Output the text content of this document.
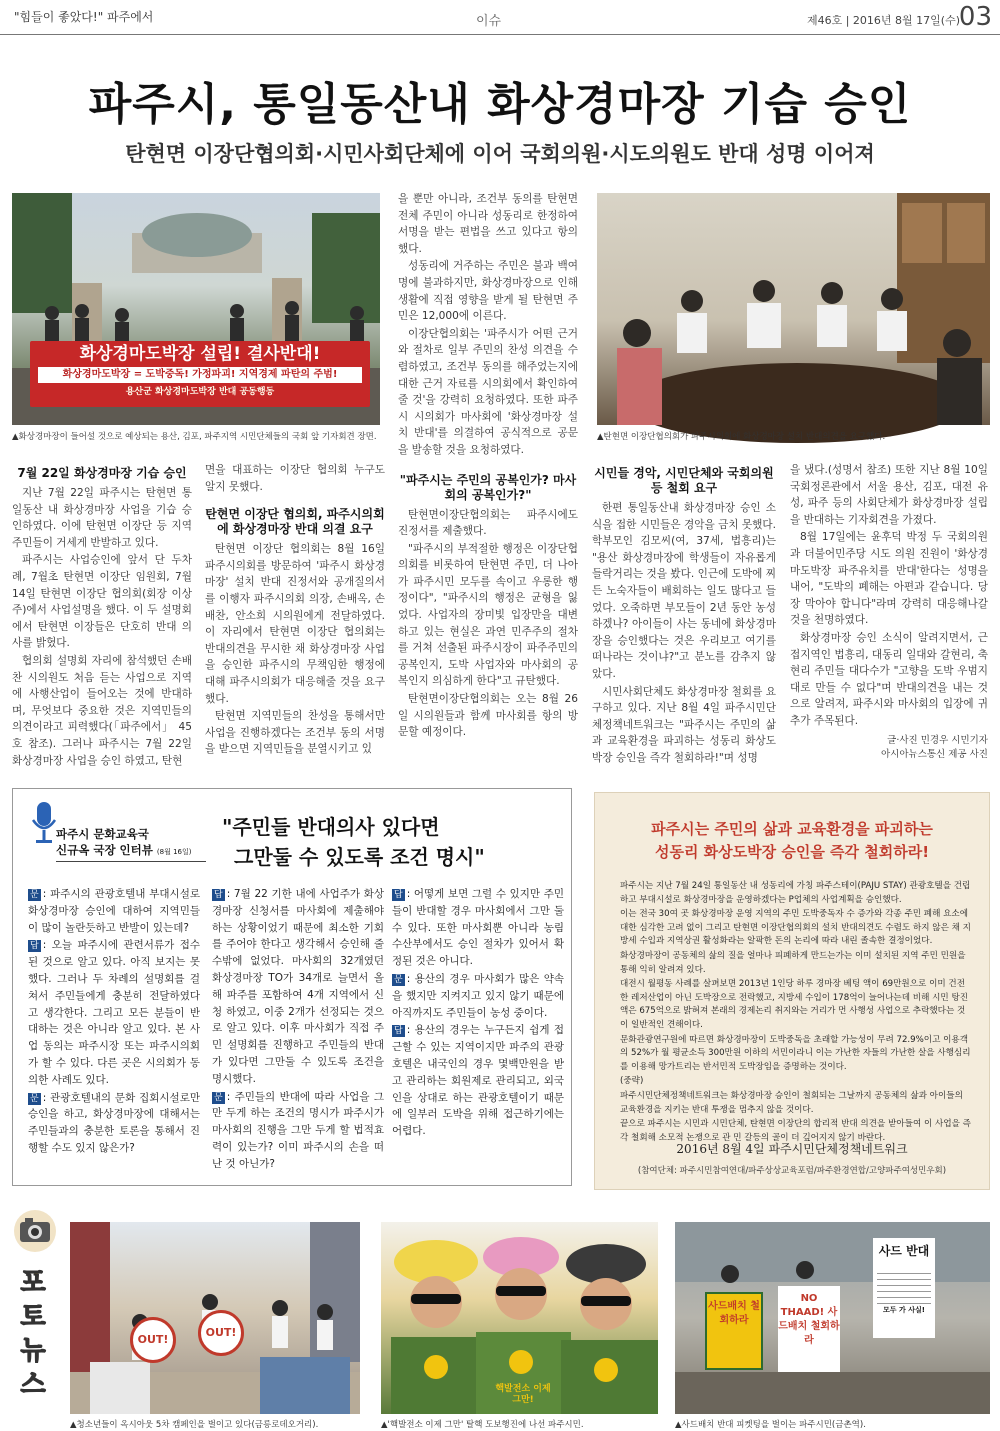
"힘들이 좋았다!" 파주에서	이슈	제46호 | 2016년 8월 17일(수)
03
파주시, 통일동산내 화상경마장 기습 승인
탄현면 이장단협의회·시민사회단체에 이어 국회의원·시도의원도 반대 성명 이어져
화상경마도박장 설립! 결사반대!
화상경마도박장 = 도박중독! 가정파괴! 지역경제 파탄의 주범!
용산군 화상경마도박장 반대 공동행동
▲화상경마장이 들어설 것으로 예상되는 용산, 김포, 파주지역 시민단체들의 국회 앞 기자회견 장면.	▲탄현면 이장단협의회가 파주시의회에 화상경마장 설치 반대의견을 요구했다.
7월 22일 화상경마장 기습 승인

지난 7월 22일 파주시는 탄현면 통일동산 내 화상경마장 사업을 기습 승인하였다. 이에 탄현면 이장단 등 지역주민들이 거세게 반발하고 있다.

파주시는 사업승인에 앞서 단 두차례, 7월초 탄현면 이장단 임원회, 7월 14일 탄현면 이장단 협의회(회장 이상주)에서 사업설명을 했다. 이 두 설명회에서 탄현면 이장들은 단호히 반대 의사를 밝혔다.

협의회 설명회 자리에 참석했던 손배찬 시의원도 처음 듣는 사업으로 지역에 사행산업이 들어오는 것에 반대하며, 무엇보다 중요한 것은 지역민들의 의견이라고 피력했다(「파주에서」 45호 참조). 그러나 파주시는 7월 22일 화상경마장 사업을 승인 하였고, 탄현

면을 대표하는 이장단 협의회 누구도 알지 못했다.

탄현면 이장단 협의회, 파주시의회에 화상경마장 반대 의결 요구

탄현면 이장단 협의회는 8월 16일 파주시의회를 방문하여 '파주시 화상경마장' 설치 반대 진정서와 공개질의서를 이행자 파주시의회 의장, 손배옥, 손배찬, 안소희 시의원에게 전달하였다. 이 자리에서 탄현면 이장단 협의회는 반대의견을 무시한 채 화상경마장 사업을 승인한 파주시의 무책임한 행정에 대해 파주시의회가 대응해줄 것을 요구했다.

탄현면 지역민들의 찬성을 통해서만 사업을 진행하겠다는 조건부 동의 서명을 받으면 지역민들을 분열시키고 있

을 뿐만 아니라, 조건부 동의를 탄현면 전체 주민이 아니라 성동리로 한정하여 서명을 받는 편법을 쓰고 있다고 항의했다.

성동리에 거주하는 주민은 불과 백여명에 불과하지만, 화상경마장으로 인해 생활에 직접 영향을 받게 될 탄현면 주민은 12,000에 이른다.

이장단협의회는 '파주시가 어떤 근거와 절차로 일부 주민의 찬성 의견을 수렴하였고, 조건부 동의를 해주었는지에 대한 근거 자료를 시의회에서 확인하여 줄 것'을 강력히 요청하였다. 또한 파주시 시의회가 마사회에 '화상경마장 설치 반대'를 의결하여 공식적으로 공문을 발송할 것을 요청하였다.

"파주시는 주민의 공복인가? 마사회의 공복인가?"

탄현면이장단협의회는 파주시에도 진정서를 제출했다.

"파주시의 부적절한 행정은 이장단협의회를 비롯하여 탄현면 주민, 더 나아가 파주시민 모두를 속이고 우롱한 행정이다", "파주시의 행정은 균형을 잃었다. 사업자의 장미빛 입장만을 대변하고 있는 현실은 과연 민주주의 절차를 거쳐 선출된 파주시장이 파주주민의 공복인지, 도박 사업자와 마사회의 공복인지 의심하게 한다"고 규탄했다.

탄현면이장단협의회는 오는 8월 26일 시의원들과 함께 마사회를 항의 방문할 예정이다.

시민들 경악, 시민단체와 국회의원 등 철회 요구

한편 통일동산내 화상경마장 승인 소식을 접한 시민들은 경악을 금치 못했다. 학부모인 김모씨(여, 37세, 법흥리)는 "용산 화상경마장에 학생들이 자유롭게 들락거리는 것을 봤다. 인근에 도박에 찌든 노숙자들이 배회하는 일도 많다고 들었다. 오죽하면 부모들이 2년 동안 농성하겠나? 아이들이 사는 동네에 화상경마장을 승인했다는 것은 우리보고 여기를 떠나라는 것이냐?"고 분노를 감추지 않았다.

시민사회단체도 화상경마장 철회를 요구하고 있다. 지난 8월 4일 파주시민단체정책네트워크는 "파주시는 주민의 삶과 교육환경을 파괴하는 성동리 화상도박장 승인을 즉각 철회하라!"며 성명

을 냈다.(성명서 참조) 또한 지난 8월 10일 국회정론관에서 서울 용산, 김포, 대전 유성, 파주 등의 사회단체가 화상경마장 설립을 반대하는 기자회견을 가졌다.

8월 17일에는 윤후덕 박정 두 국회의원과 더불어민주당 시도 의원 진원이 '화상경마도박장 파주유치를 반대'한다는 성명을 내어, "도박의 폐해는 아편과 같습니다. 당장 막아야 합니다"라며 강력히 대응해나갈 것을 천명하였다.

화상경마장 승인 소식이 알려지면서, 근접지역인 법흥리, 대동리 일대와 갈현리, 축현리 주민들 대다수가 "고향을 도박 우범지대로 만들 수 없다"며 반대의견을 내는 것으로 알려져, 파주시와 마사회의 입장에 귀추가 주목된다.

글·사진 민경우 시민기자
아시아뉴스통신 제공 사진
파주시 문화교육국
신규옥 국장 인터뷰 (8월 16일)
"주민들 반대의사 있다면
그만둘 수 있도록 조건 명시"

문 : 파주시의 관광호텔내 부대시설로 화상경마장 승인에 대하여 지역민들이 많이 놀란듯하고 반발이 있는데?

답 : 오늘 파주시에 관련서류가 접수된 것으로 알고 있다. 아직 보지는 못했다. 그러나 두 차례의 설명회를 걸쳐서 주민들에게 충분히 전달하였다고 생각한다. 그리고 모든 분들이 반대하는 것은 아니라 알고 있다. 본 사업 동의는 파주시장 또는 파주시의회가 할 수 있다. 다른 곳은 시의회가 동의한 사례도 있다.

문 : 관광호텔내의 문화 집회시설로만 승인을 하고, 화상경마장에 대해서는 주민들과의 충분한 토론을 통해서 진행할 수도 있지 않은가?

답 : 7월 22 기한 내에 사업주가 화상 경마장 신청서를 마사회에 제출해야 하는 상황이었기 때문에 최소한 기회를 주어야 한다고 생각해서 승인해 줄 수밖에 없었다. 마사회의 32개였던 화상경마장 TO가 34개로 늘면서 올해 파주를 포함하여 4개 지역에서 신청 하였고, 이중 2개가 선정되는 것으로 알고 있다. 이후 마사회가 직접 주민 설명회를 진행하고 주민들의 반대가 있다면 그만둘 수 있도록 조건을 명시했다.

문 : 주민들의 반대에 따라 사업을 그만 두게 하는 조건의 명시가 파주시가 마사회의 진행을 그만 두게 할 법적효력이 있는가? 이미 파주시의 손을 떠난 것 아닌가?

답 : 어떻게 보면 그럴 수 있지만 주민들이 반대할 경우 마사회에서 그만 둘 수 있다. 또한 마사회뿐 아니라 농림수산부에서도 승인 절차가 있어서 확정된 것은 아니다.

문 : 용산의 경우 마사회가 많은 약속을 했지만 지켜지고 있지 않기 때문에 아직까지도 주민들이 농성 중이다.

답 : 용산의 경우는 누구든지 쉽게 접근할 수 있는 지역이지만 파주의 관광호텔은 내국인의 경우 몇백만원을 받고 관리하는 회원제로 관리되고, 외국인을 상대로 하는 관광호텔이기 때문에 일부러 도박을 위해 접근하기에는 어렵다.

파주시는 주민의 삶과 교육환경을 파괴하는
성동리 화상도박장 승인을 즉각 철회하라!

파주시는 지난 7월 24일 통일동산 내 성동리에 가칭 파주스테이(PAJU STAY) 관광호텔을 건립하고 부대시설로 화상경마장을 운영하겠다는 P업체의 사업계획을 승인했다.

이는 전국 30여 곳 화상경마장 운영 지역의 주민 도박중독자 수 증가와 각종 주민 폐해 요소에 대한 심각한 고려 없이 그리고 탄현면 이장단협의회의 설치 반대의견도 수렴도 하지 않은 채 지방세 수입과 지역상권 활성화라는 알팍한 돈의 논리에 따라 내린 졸속한 결정이었다.

화상경마장이 공동체의 삶의 질을 얼마나 피폐하게 만드는가는 이미 설치된 지역 주민 민원을 통해 익히 알려져 있다.

대전시 월평동 사례를 살펴보면 2013년 1인당 하루 경마장 베팅 액이 69만원으로 이미 건전한 레저산업이 아닌 도박장으로 전락했고, 지방세 수입이 178억이 늘어나는데 비해 시민 탕진액은 675억으로 밝혀져 본래의 경제논리 취지와는 거리가 먼 사행성 사업으로 추락했다는 것이 일반적인 견해이다.

문화관광연구원에 따르면 화상경마장이 도박중독을 초래할 가능성이 무려 72.9%이고 이용객의 52%가 월 평균소득 300만원 이하의 서민이라니 이는 가난한 자들의 가난한 살을 사행심리를 이용해 망가트리는 반서민적 도박장임을 증명하는 것이다.

(중략)

파주시민단체정책네트워크는 화상경마장 승인이 철회되는 그날까지 공동체의 삶과 아이들의 교육환경을 지키는 반대 투쟁을 멈추지 않을 것이다.

끝으로 파주시는 시민과 시민단체, 탄현면 이장단의 합리적 반대 의견을 받아들여 이 사업을 즉각 철회해 소모적 논쟁으로 관 민 갈등의 골이 더 깊어지지 않기 바란다.

2016년 8월 4일 파주시민단체정책네트워크
(참여단체: 파주시민참여연대/파주상상교육포럼/파주환경연합/고양파주여성민우회)
포토뉴스
OUT!
OUT!
▲청소년들이 옥시아웃 5차 캠페인을 벌이고 있다(금릉로데오거리).
핵발전소 이제 그만!
▲'핵발전소 이제 그만' 탈핵 도보행진에 나선 파주시민.
사드배치 철회하라
NO THAAD! 사드배치 철회하라
사드 반대
모두 가 사실!
▲사드배치 반대 피켓팅을 벌이는 파주시민(금촌역).
